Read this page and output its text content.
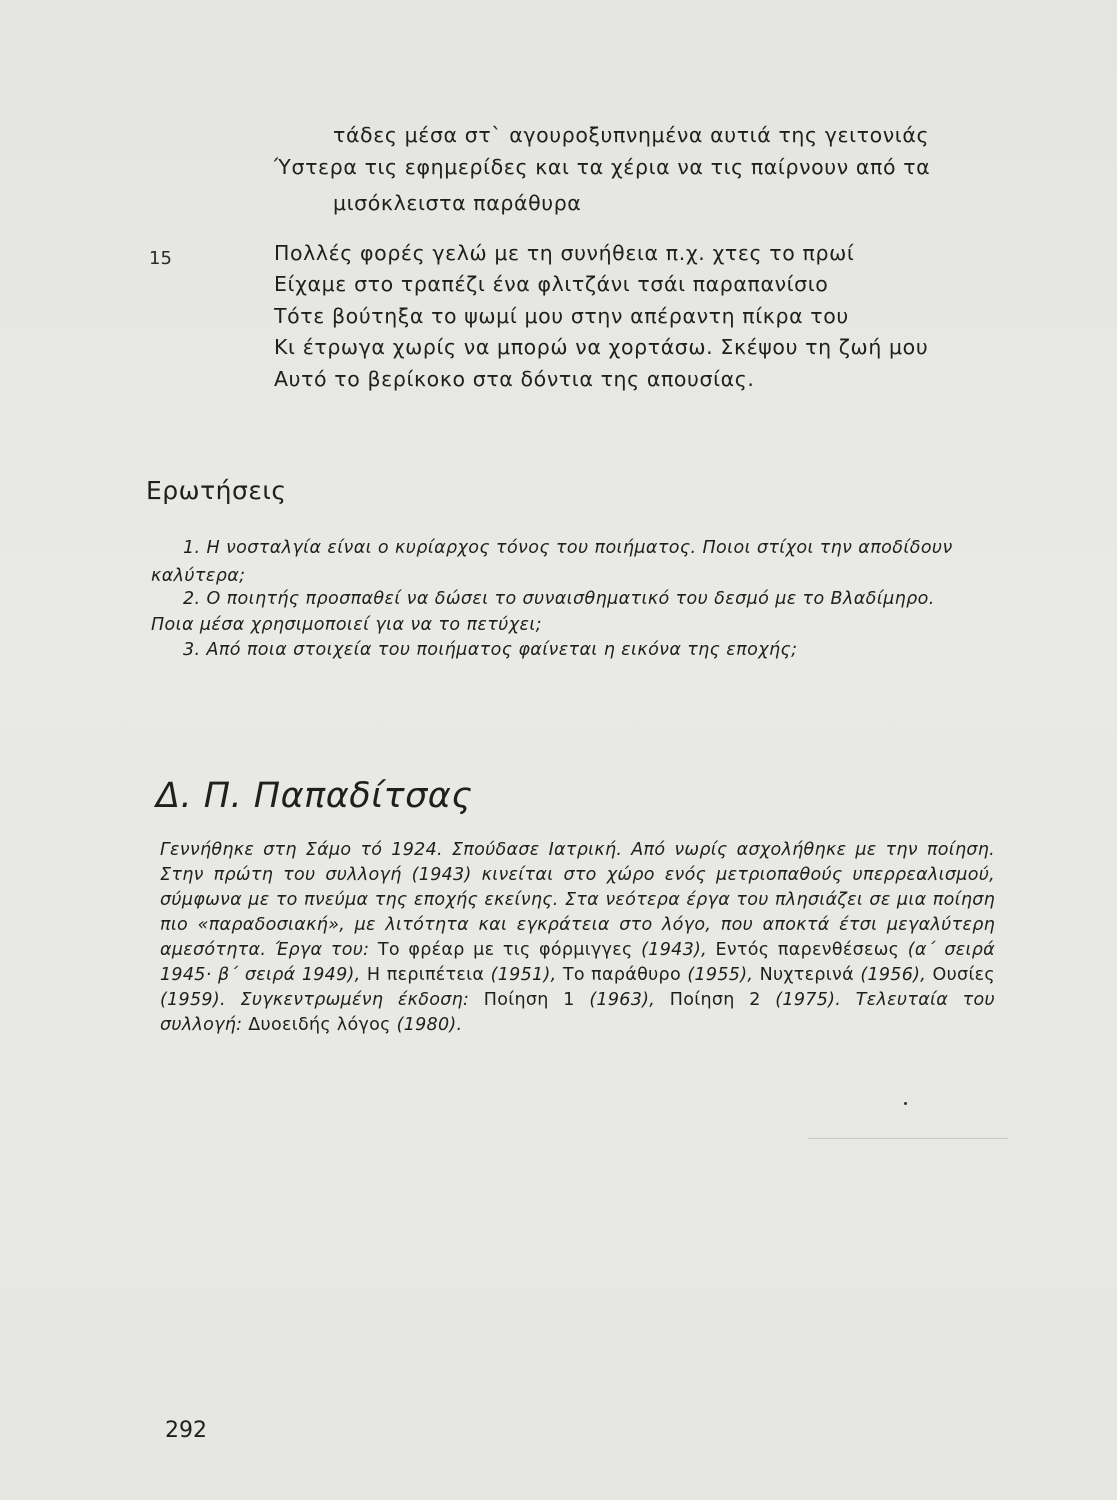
τάδες μέσα στ` αγουροξυπνημένα αυτιά της γειτονιάς
Ύστερα τις εφημερίδες και τα χέρια να τις παίρνουν από τα
μισόκλειστα παράθυρα
15	Πολλές φορές γελώ με τη συνήθεια π.χ. χτες το πρωί
Είχαμε στο τραπέζι ένα φλιτζάνι τσάι παραπανίσιο
Τότε βούτηξα το ψωμί μου στην απέραντη πίκρα του
Κι έτρωγα χωρίς να μπορώ να χορτάσω. Σκέψου τη ζωή μου
Αυτό το βερίκοκο στα δόντια της απουσίας.
Ερωτήσεις
1. Η νοσταλγία είναι ο κυρίαρχος τόνος του ποιήματος. Ποιοι στίχοι την αποδίδουν
καλύτερα;
2. Ο ποιητής προσπαθεί να δώσει το συναισθηματικό του δεσμό με το Βλαδίμηρο.
Ποια μέσα χρησιμοποιεί για να το πετύχει;
3. Από ποια στοιχεία του ποιήματος φαίνεται η εικόνα της εποχής;
Δ. Π. Παπαδίτσας
Γεννήθηκε στη Σάμο τό 1924. Σπούδασε Ιατρική. Από νωρίς ασχολήθηκε με την ποίηση. Στην πρώτη του συλλογή (1943) κινείται στο χώρο ενός μετριοπαθούς υπερρεαλισμού, σύμφωνα με το πνεύμα της εποχής εκείνης. Στα νεότερα έργα του πλησιάζει σε μια ποίηση πιο «παραδοσιακή», με λιτότητα και εγκράτεια στο λόγο, που αποκτά έτσι μεγαλύτερη αμεσότητα. Έργα του: Το φρέαρ με τις φόρμιγγες (1943), Εντός παρενθέσεως (α΄ σειρά 1945· β΄ σειρά 1949), Η περιπέτεια (1951), Το παράθυρο (1955), Νυχτερινά (1956), Ουσίες (1959). Συγκεντρωμένη έκδοση: Ποίηση 1 (1963), Ποίηση 2 (1975). Τελευταία του συλλογή: Δυοειδής λόγος (1980).
292
